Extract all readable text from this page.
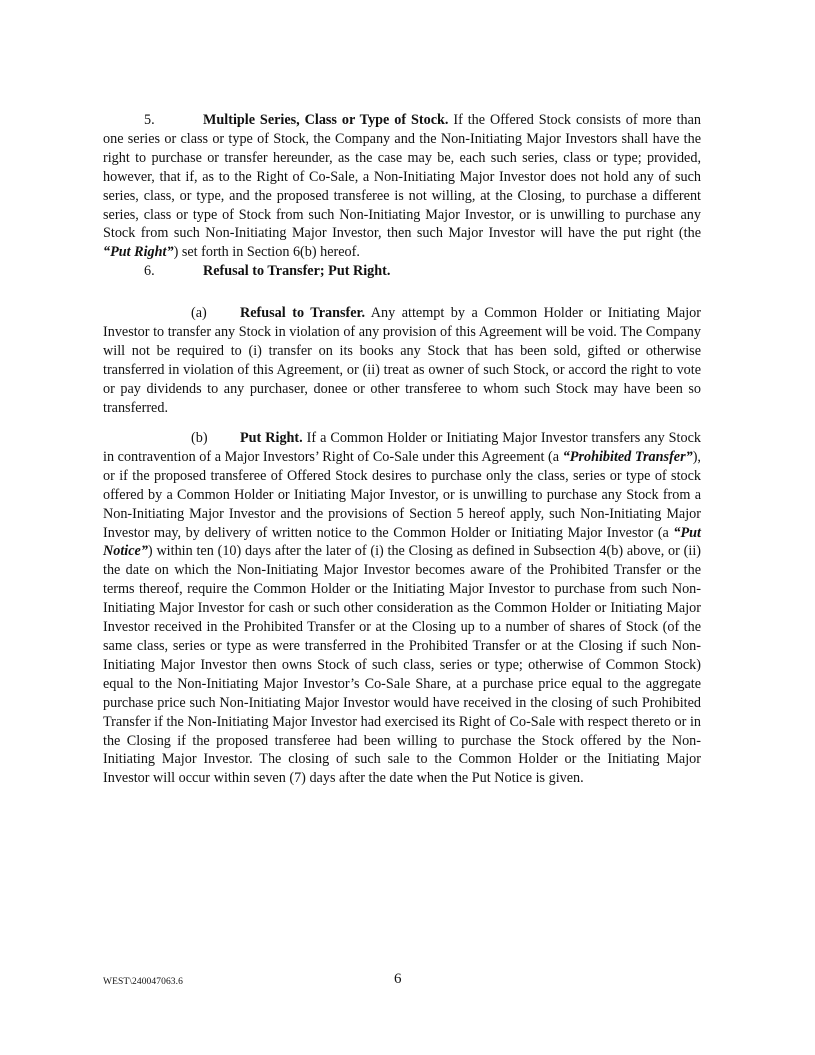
5.	Multiple Series, Class or Type of Stock. If the Offered Stock consists of more than one series or class or type of Stock, the Company and the Non-Initiating Major Investors shall have the right to purchase or transfer hereunder, as the case may be, each such series, class or type; provided, however, that if, as to the Right of Co-Sale, a Non-Initiating Major Investor does not hold any of such series, class, or type, and the proposed transferee is not willing, at the Closing, to purchase a different series, class or type of Stock from such Non-Initiating Major Investor, or is unwilling to purchase any Stock from such Non-Initiating Major Investor, then such Major Investor will have the put right (the “Put Right”) set forth in Section 6(b) hereof.

6.	Refusal to Transfer; Put Right.

(a) Refusal to Transfer. Any attempt by a Common Holder or Initiating Major Investor to transfer any Stock in violation of any provision of this Agreement will be void. The Company will not be required to (i) transfer on its books any Stock that has been sold, gifted or otherwise transferred in violation of this Agreement, or (ii) treat as owner of such Stock, or accord the right to vote or pay dividends to any purchaser, donee or other transferee to whom such Stock may have been so transferred.

(b) Put Right. If a Common Holder or Initiating Major Investor transfers any Stock in contravention of a Major Investors’ Right of Co-Sale under this Agreement (a “Prohibited Transfer”), or if the proposed transferee of Offered Stock desires to purchase only the class, series or type of stock offered by a Common Holder or Initiating Major Investor, or is unwilling to purchase any Stock from a Non-Initiating Major Investor and the provisions of Section 5 hereof apply, such Non-Initiating Major Investor may, by delivery of written notice to the Common Holder or Initiating Major Investor (a “Put Notice”) within ten (10) days after the later of (i) the Closing as defined in Subsection 4(b) above, or (ii) the date on which the Non-Initiating Major Investor becomes aware of the Prohibited Transfer or the terms thereof, require the Common Holder or the Initiating Major Investor to purchase from such Non-Initiating Major Investor for cash or such other consideration as the Common Holder or Initiating Major Investor received in the Prohibited Transfer or at the Closing up to a number of shares of Stock (of the same class, series or type as were transferred in the Prohibited Transfer or at the Closing if such Non-Initiating Major Investor then owns Stock of such class, series or type; otherwise of Common Stock) equal to the Non-Initiating Major Investor’s Co-Sale Share, at a purchase price equal to the aggregate purchase price such Non-Initiating Major Investor would have received in the closing of such Prohibited Transfer if the Non-Initiating Major Investor had exercised its Right of Co-Sale with respect thereto or in the Closing if the proposed transferee had been willing to purchase the Stock offered by the Non-Initiating Major Investor. The closing of such sale to the Common Holder or the Initiating Major Investor will occur within seven (7) days after the date when the Put Notice is given.

WEST\240047063.6	6
